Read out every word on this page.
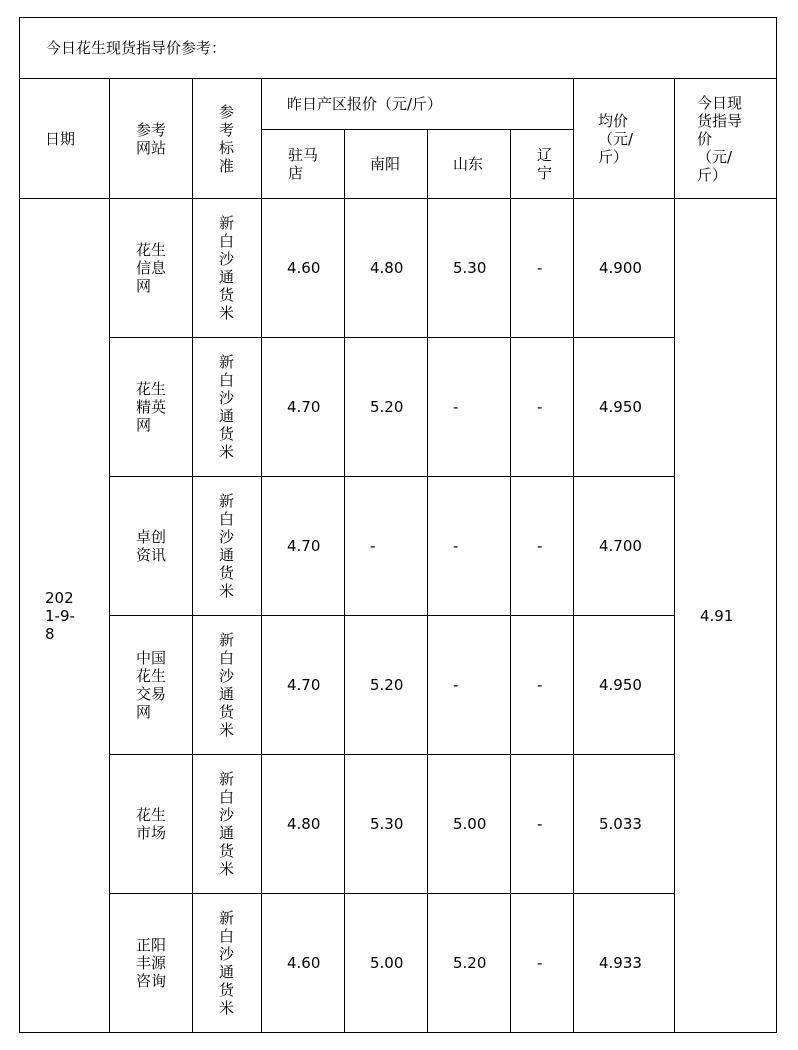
今日花生现货指导价参考：								
日期	参考网站	参考标准	昨日产区报价（元/斤）				均价（元/斤）	今日现货指导价（元/斤）

			驻马店	南阳	山东	辽宁		

2021-9-8	花生信息网	新白沙通货米	4.60	4.80	5.30	-	4.900	4.91

	花生精英网	新白沙通货米	4.70	5.20	-	-	4.950	

	卓创资讯	新白沙通货米	4.70	-	-	-	4.700	

	中国花生交易网	新白沙通货米	4.70	5.20	-	-	4.950	

	花生市场	新白沙通货米	4.80	5.30	5.00	-	5.033	

	正阳丰源咨询	新白沙通货米	4.60	5.00	5.20	-	4.933	
